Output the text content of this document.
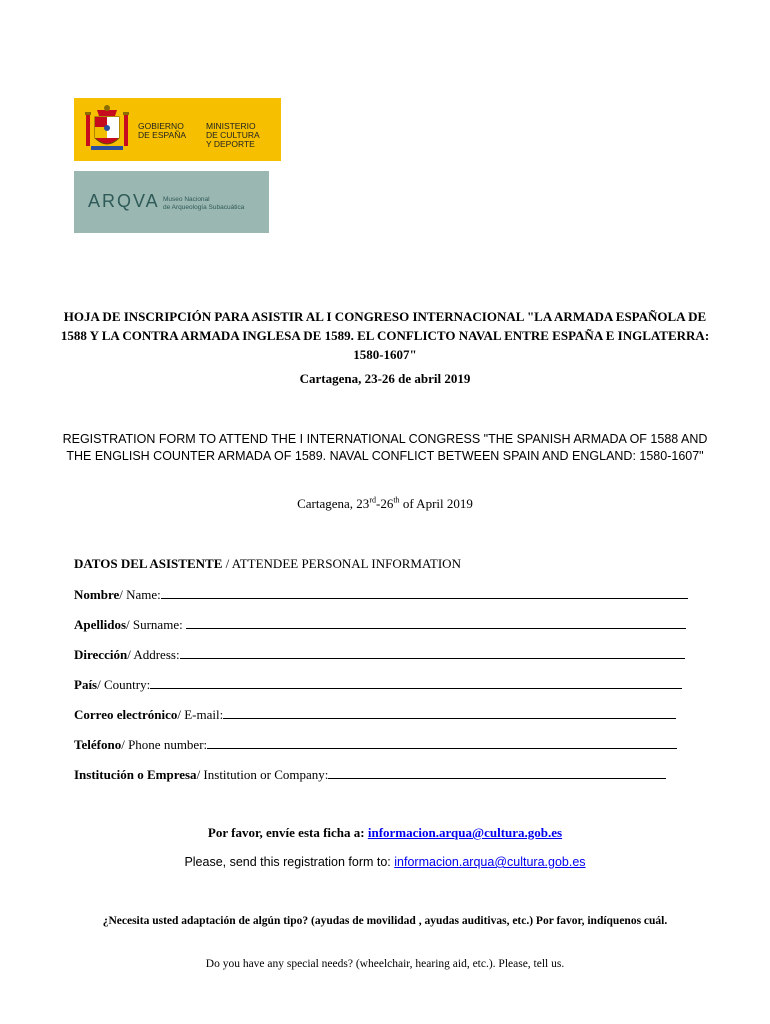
GOBIERNO
DE ESPAÑA
MINISTERIO
DE CULTURA
Y DEPORTE
ARQVA Museo Nacional
de Arqueología Subacuática
HOJA DE INSCRIPCIÓN PARA ASISTIR AL I CONGRESO INTERNACIONAL "LA ARMADA ESPAÑOLA DE 1588 Y LA CONTRA ARMADA INGLESA DE 1589. EL CONFLICTO NAVAL ENTRE ESPAÑA E INGLATERRA: 1580-1607"
Cartagena, 23-26 de abril 2019
REGISTRATION FORM TO ATTEND THE I INTERNATIONAL CONGRESS "THE SPANISH ARMADA OF 1588 AND THE ENGLISH COUNTER ARMADA OF 1589. NAVAL CONFLICT BETWEEN SPAIN AND ENGLAND: 1580-1607"
Cartagena, 23rd-26th of April 2019
DATOS DEL ASISTENTE / ATTENDEE PERSONAL INFORMATION
Nombre/ Name:
Apellidos/ Surname:
Dirección/ Address:
País/ Country:
Correo electrónico/ E-mail:
Teléfono/ Phone number:
Institución o Empresa/ Institution or Company:
Por favor, envíe esta ficha a: informacion.arqua@cultura.gob.es
Please, send this registration form to: informacion.arqua@cultura.gob.es
¿Necesita usted adaptación de algún tipo? (ayudas de movilidad , ayudas auditivas, etc.) Por favor, indíquenos cuál.
Do you have any special needs? (wheelchair, hearing aid, etc.). Please, tell us.
